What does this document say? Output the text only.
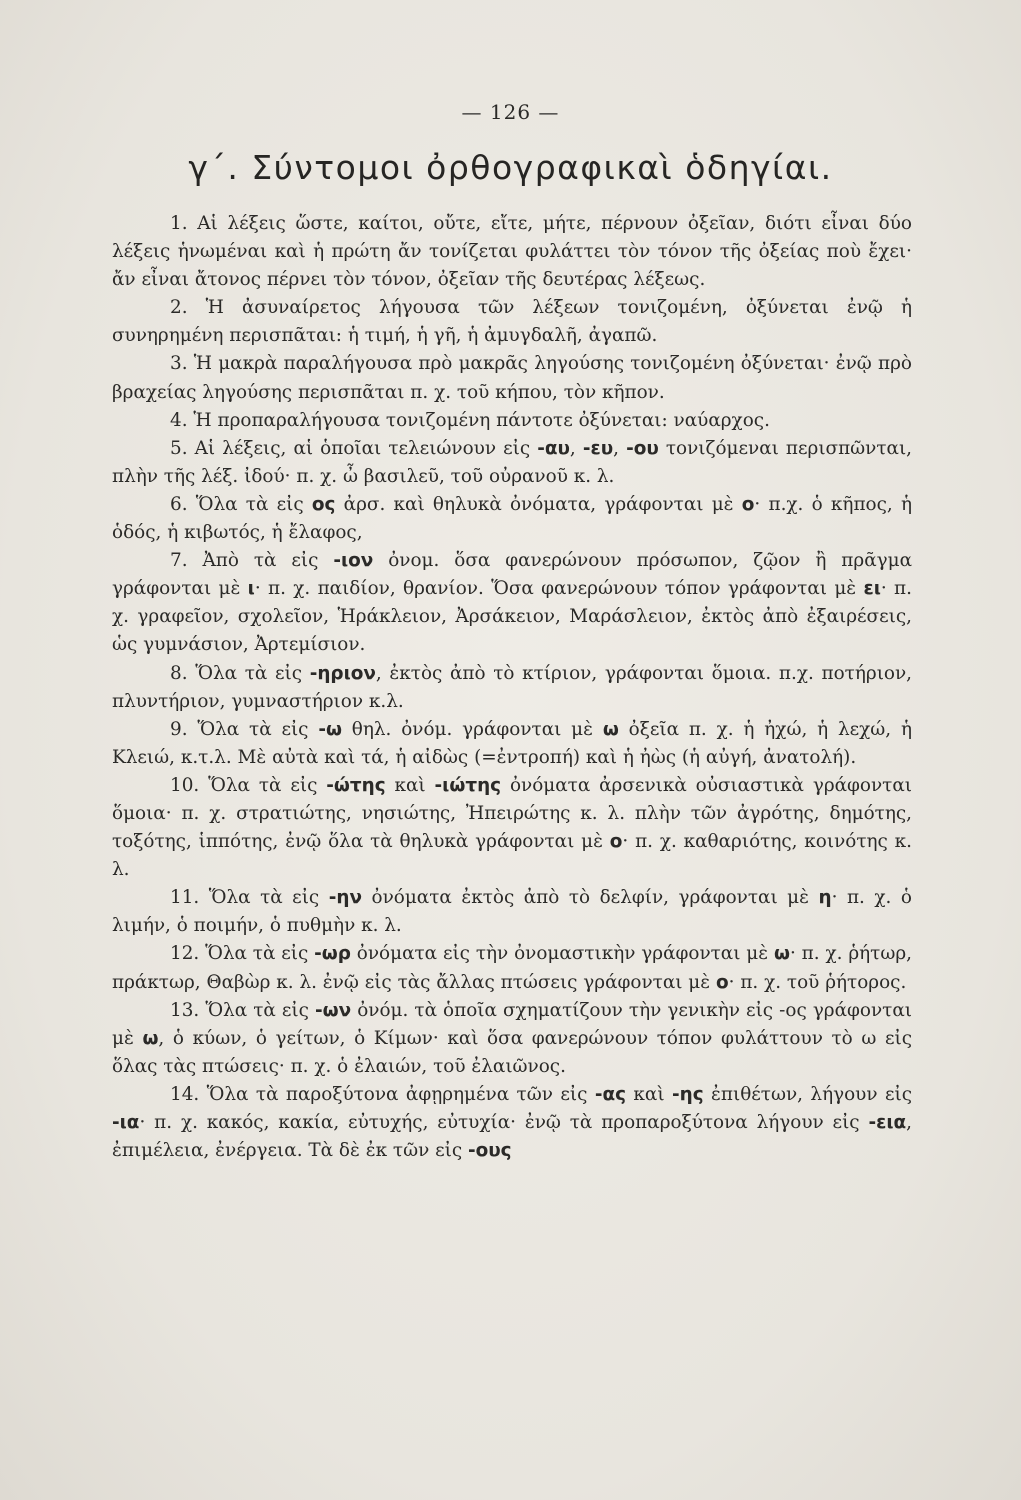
— 126 —
γ΄. Σύντομοι ὀρθογραφικαὶ ὁδηγίαι.

1. Αἱ λέξεις ὥστε, καίτοι, οὔτε, εἴτε, μήτε, πέρνουν ὀξεῖαν, διότι εἶναι δύο λέξεις ἡνωμέναι καὶ ἡ πρώτη ἄν τονίζεται φυλάττει τὸν τόνον τῆς ὀξείας ποὺ ἔχει· ἄν εἶναι ἄτονος πέρνει τὸν τόνον, ὀξεῖαν τῆς δευτέρας λέξεως.

2. Ἡ ἀσυναίρετος λήγουσα τῶν λέξεων τονιζομένη, ὀξύνεται ἐνῷ ἡ συνηρημένη περισπᾶται: ἡ τιμή, ἡ γῆ, ἡ ἀμυγδαλῆ, ἀγαπῶ.

3. Ἡ μακρὰ παραλήγουσα πρὸ μακρᾶς ληγούσης τονιζομένη ὀξύνεται· ἐνῷ πρὸ βραχείας ληγούσης περισπᾶται π. χ. τοῦ κήπου, τὸν κῆπον.

4. Ἡ προπαραλήγουσα τονιζομένη πάντοτε ὀξύνεται: ναύαρχος.

5. Αἱ λέξεις, αἱ ὁποῖαι τελειώνουν εἰς -αυ, -ευ, -ου τονιζόμεναι περισπῶνται, πλὴν τῆς λέξ. ἰδού· π. χ. ὦ βασιλεῦ, τοῦ οὐρανοῦ κ. λ.

6. Ὅλα τὰ εἰς ος ἀρσ. καὶ θηλυκὰ ὀνόματα, γράφονται μὲ ο· π.χ. ὁ κῆπος, ἡ ὁδός, ἡ κιβωτός, ἡ ἔλαφος,

7. Ἀπὸ τὰ εἰς -ιον ὀνομ. ὅσα φανερώνουν πρόσωπον, ζῷον ἢ πρᾶγμα γράφονται μὲ ι· π. χ. παιδίον, θρανίον. Ὅσα φανερώνουν τόπον γράφονται μὲ ει· π. χ. γραφεῖον, σχολεῖον, Ἡράκλειον, Ἀρσάκειον, Μαράσλειον, ἐκτὸς ἀπὸ ἐξαιρέσεις, ὡς γυμνάσιον, Ἀρτεμίσιον.

8. Ὅλα τὰ εἰς -ηριον, ἐκτὸς ἀπὸ τὸ κτίριον, γράφονται ὅμοια. π.χ. ποτήριον, πλυντήριον, γυμναστήριον κ.λ.

9. Ὅλα τὰ εἰς -ω θηλ. ὀνόμ. γράφονται μὲ ω ὀξεῖα π. χ. ἡ ἠχώ, ἡ λεχώ, ἡ Κλειώ, κ.τ.λ. Μὲ αὐτὰ καὶ τά, ἡ αἰδὼς (=ἐντροπή) καὶ ἡ ἠὼς (ἡ αὐγή, ἀνατολή).

10. Ὅλα τὰ εἰς -ώτης καὶ -ιώτης ὀνόματα ἀρσενικὰ οὐσιαστικὰ γράφονται ὅμοια· π. χ. στρατιώτης, νησιώτης, Ἠπειρώτης κ. λ. πλὴν τῶν ἀγρότης, δημότης, τοξότης, ἱππότης, ἐνῷ ὅλα τὰ θηλυκὰ γράφονται μὲ ο· π. χ. καθαριότης, κοινότης κ. λ.

11. Ὅλα τὰ εἰς -ην ὀνόματα ἐκτὸς ἀπὸ τὸ δελφίν, γράφονται μὲ η· π. χ. ὁ λιμήν, ὁ ποιμήν, ὁ πυθμὴν κ. λ.

12. Ὅλα τὰ εἰς -ωρ ὀνόματα εἰς τὴν ὀνομαστικὴν γράφονται μὲ ω· π. χ. ῥήτωρ, πράκτωρ, Θαβὼρ κ. λ. ἐνῷ εἰς τὰς ἄλλας πτώσεις γράφονται μὲ ο· π. χ. τοῦ ῥήτορος.

13. Ὅλα τὰ εἰς -ων ὀνόμ. τὰ ὁποῖα σχηματίζουν τὴν γενικὴν εἰς -ος γράφονται μὲ ω, ὁ κύων, ὁ γείτων, ὁ Κίμων· καὶ ὅσα φανερώνουν τόπον φυλάττουν τὸ ω εἰς ὅλας τὰς πτώσεις· π. χ. ὁ ἐλαιών, τοῦ ἐλαιῶνος.

14. Ὅλα τὰ παροξύτονα ἀφῃρημένα τῶν εἰς -ας καὶ -ης ἐπιθέτων, λήγουν εἰς -ια· π. χ. κακός, κακία, εὐτυχής, εὐτυχία· ἐνῷ τὰ προπαροξύτονα λήγουν εἰς -εια, ἐπιμέλεια, ἐνέργεια. Τὰ δὲ ἐκ τῶν εἰς -ους
